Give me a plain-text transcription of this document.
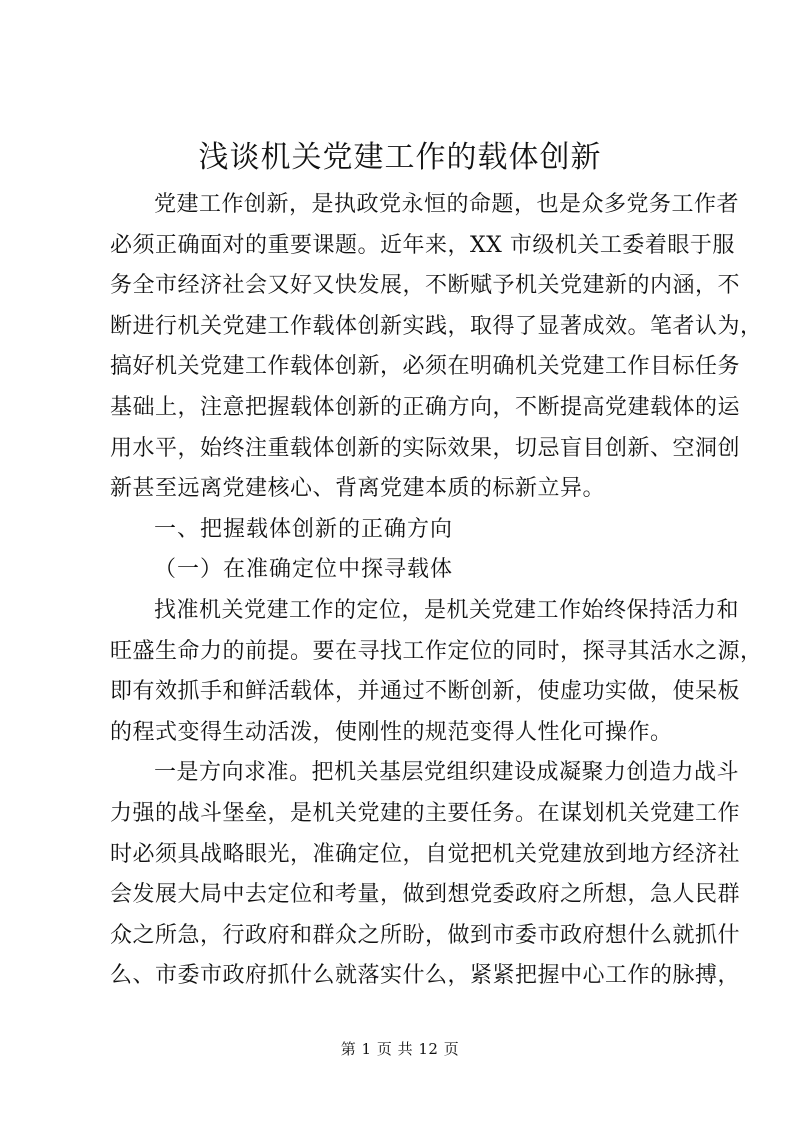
浅谈机关党建工作的载体创新
党建工作创新，是执政党永恒的命题，也是众多党务工作者
必须正确面对的重要课题。近年来，XX 市级机关工委着眼于服
务全市经济社会又好又快发展，不断赋予机关党建新的内涵，不
断进行机关党建工作载体创新实践，取得了显著成效。笔者认为，
搞好机关党建工作载体创新，必须在明确机关党建工作目标任务
基础上，注意把握载体创新的正确方向，不断提高党建载体的运
用水平，始终注重载体创新的实际效果，切忌盲目创新、空洞创
新甚至远离党建核心、背离党建本质的标新立异。
一、把握载体创新的正确方向
（一）在准确定位中探寻载体
找准机关党建工作的定位，是机关党建工作始终保持活力和
旺盛生命力的前提。要在寻找工作定位的同时，探寻其活水之源，
即有效抓手和鲜活载体，并通过不断创新，使虚功实做，使呆板
的程式变得生动活泼，使刚性的规范变得人性化可操作。
一是方向求准。把机关基层党组织建设成凝聚力创造力战斗
力强的战斗堡垒，是机关党建的主要任务。在谋划机关党建工作
时必须具战略眼光，准确定位，自觉把机关党建放到地方经济社
会发展大局中去定位和考量，做到想党委政府之所想，急人民群
众之所急，行政府和群众之所盼，做到市委市政府想什么就抓什
么、市委市政府抓什么就落实什么，紧紧把握中心工作的脉搏，
第 1 页 共 12 页
